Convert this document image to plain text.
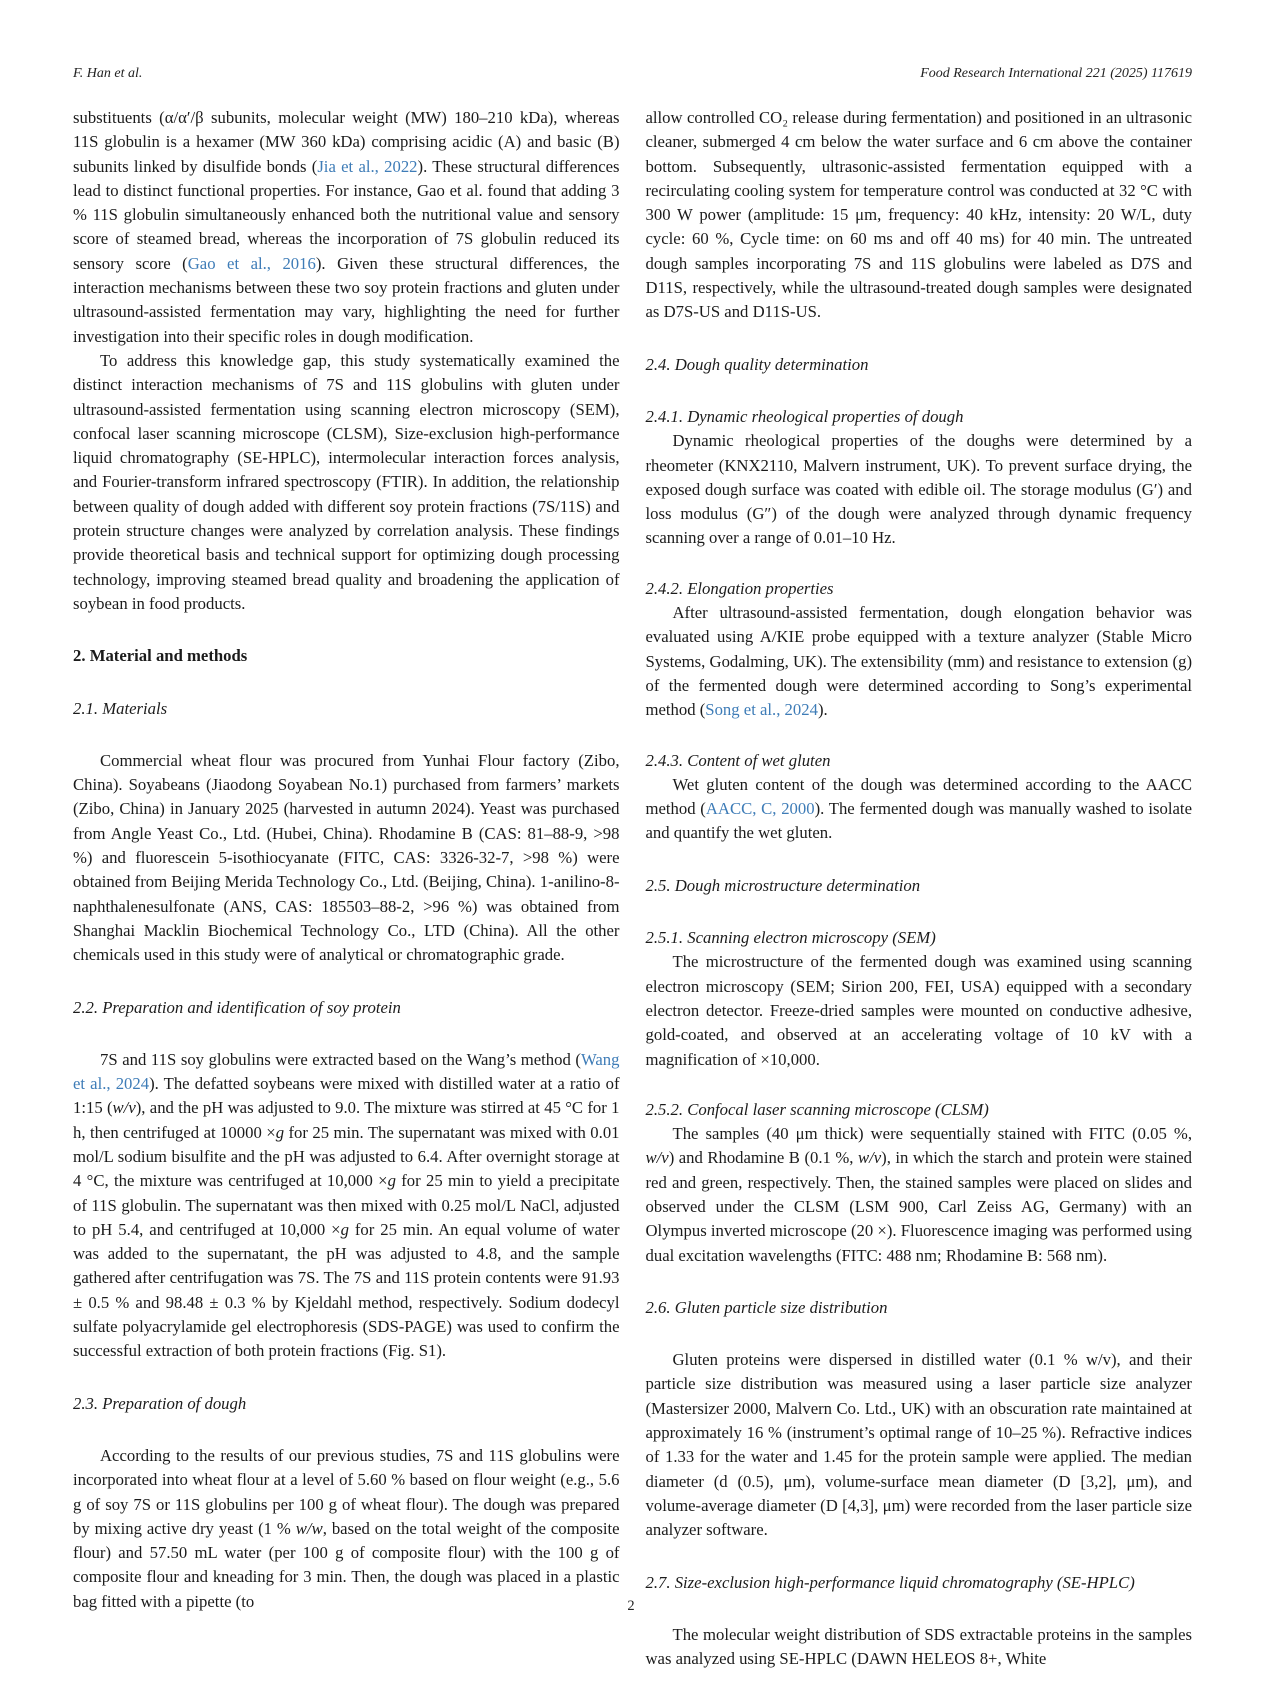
F. Han et al.	Food Research International 221 (2025) 117619

substituents (α/α′/β subunits, molecular weight (MW) 180–210 kDa), whereas 11S globulin is a hexamer (MW 360 kDa) comprising acidic (A) and basic (B) subunits linked by disulfide bonds (Jia et al., 2022). These structural differences lead to distinct functional properties. For instance, Gao et al. found that adding 3 % 11S globulin simultaneously enhanced both the nutritional value and sensory score of steamed bread, whereas the incorporation of 7S globulin reduced its sensory score (Gao et al., 2016). Given these structural differences, the interaction mechanisms between these two soy protein fractions and gluten under ultrasound-assisted fermentation may vary, highlighting the need for further investigation into their specific roles in dough modification.

To address this knowledge gap, this study systematically examined the distinct interaction mechanisms of 7S and 11S globulins with gluten under ultrasound-assisted fermentation using scanning electron microscopy (SEM), confocal laser scanning microscope (CLSM), Size-exclusion high-performance liquid chromatography (SE-HPLC), intermolecular interaction forces analysis, and Fourier-transform infrared spectroscopy (FTIR). In addition, the relationship between quality of dough added with different soy protein fractions (7S/11S) and protein structure changes were analyzed by correlation analysis. These findings provide theoretical basis and technical support for optimizing dough processing technology, improving steamed bread quality and broadening the application of soybean in food products.

2. Material and methods
2.1. Materials

Commercial wheat flour was procured from Yunhai Flour factory (Zibo, China). Soyabeans (Jiaodong Soyabean No.1) purchased from farmers’ markets (Zibo, China) in January 2025 (harvested in autumn 2024). Yeast was purchased from Angle Yeast Co., Ltd. (Hubei, China). Rhodamine B (CAS: 81–88-9, >98 %) and fluorescein 5-isothiocyanate (FITC, CAS: 3326-32-7, >98 %) were obtained from Beijing Merida Technology Co., Ltd. (Beijing, China). 1-anilino-8-naphthalenesulfonate (ANS, CAS: 185503–88-2, >96 %) was obtained from Shanghai Macklin Biochemical Technology Co., LTD (China). All the other chemicals used in this study were of analytical or chromatographic grade.

2.2. Preparation and identification of soy protein

7S and 11S soy globulins were extracted based on the Wang’s method (Wang et al., 2024). The defatted soybeans were mixed with distilled water at a ratio of 1:15 (w/v), and the pH was adjusted to 9.0. The mixture was stirred at 45 °C for 1 h, then centrifuged at 10000 ×g for 25 min. The supernatant was mixed with 0.01 mol/L sodium bisulfite and the pH was adjusted to 6.4. After overnight storage at 4 °C, the mixture was centrifuged at 10,000 ×g for 25 min to yield a precipitate of 11S globulin. The supernatant was then mixed with 0.25 mol/L NaCl, adjusted to pH 5.4, and centrifuged at 10,000 ×g for 25 min. An equal volume of water was added to the supernatant, the pH was adjusted to 4.8, and the sample gathered after centrifugation was 7S. The 7S and 11S protein contents were 91.93 ± 0.5 % and 98.48 ± 0.3 % by Kjeldahl method, respectively. Sodium dodecyl sulfate polyacrylamide gel electrophoresis (SDS-PAGE) was used to confirm the successful extraction of both protein fractions (Fig. S1).

2.3. Preparation of dough

According to the results of our previous studies, 7S and 11S globulins were incorporated into wheat flour at a level of 5.60 % based on flour weight (e.g., 5.6 g of soy 7S or 11S globulins per 100 g of wheat flour). The dough was prepared by mixing active dry yeast (1 % w/w, based on the total weight of the composite flour) and 57.50 mL water (per 100 g of composite flour) with the 100 g of composite flour and kneading for 3 min. Then, the dough was placed in a plastic bag fitted with a pipette (to

allow controlled CO₂ release during fermentation) and positioned in an ultrasonic cleaner, submerged 4 cm below the water surface and 6 cm above the container bottom. Subsequently, ultrasonic-assisted fermentation equipped with a recirculating cooling system for temperature control was conducted at 32 °C with 300 W power (amplitude: 15 μm, frequency: 40 kHz, intensity: 20 W/L, duty cycle: 60 %, Cycle time: on 60 ms and off 40 ms) for 40 min. The untreated dough samples incorporating 7S and 11S globulins were labeled as D7S and D11S, respectively, while the ultrasound-treated dough samples were designated as D7S-US and D11S-US.

2.4. Dough quality determination
2.4.1. Dynamic rheological properties of dough

Dynamic rheological properties of the doughs were determined by a rheometer (KNX2110, Malvern instrument, UK). To prevent surface drying, the exposed dough surface was coated with edible oil. The storage modulus (G′) and loss modulus (G″) of the dough were analyzed through dynamic frequency scanning over a range of 0.01–10 Hz.

2.4.2. Elongation properties

After ultrasound-assisted fermentation, dough elongation behavior was evaluated using A/KIE probe equipped with a texture analyzer (Stable Micro Systems, Godalming, UK). The extensibility (mm) and resistance to extension (g) of the fermented dough were determined according to Song’s experimental method (Song et al., 2024).

2.4.3. Content of wet gluten

Wet gluten content of the dough was determined according to the AACC method (AACC, C, 2000). The fermented dough was manually washed to isolate and quantify the wet gluten.

2.5. Dough microstructure determination
2.5.1. Scanning electron microscopy (SEM)

The microstructure of the fermented dough was examined using scanning electron microscopy (SEM; Sirion 200, FEI, USA) equipped with a secondary electron detector. Freeze-dried samples were mounted on conductive adhesive, gold-coated, and observed at an accelerating voltage of 10 kV with a magnification of ×10,000.

2.5.2. Confocal laser scanning microscope (CLSM)

The samples (40 μm thick) were sequentially stained with FITC (0.05 %, w/v) and Rhodamine B (0.1 %, w/v), in which the starch and protein were stained red and green, respectively. Then, the stained samples were placed on slides and observed under the CLSM (LSM 900, Carl Zeiss AG, Germany) with an Olympus inverted microscope (20 ×). Fluorescence imaging was performed using dual excitation wavelengths (FITC: 488 nm; Rhodamine B: 568 nm).

2.6. Gluten particle size distribution

Gluten proteins were dispersed in distilled water (0.1 % w/v), and their particle size distribution was measured using a laser particle size analyzer (Mastersizer 2000, Malvern Co. Ltd., UK) with an obscuration rate maintained at approximately 16 % (instrument’s optimal range of 10–25 %). Refractive indices of 1.33 for the water and 1.45 for the protein sample were applied. The median diameter (d (0.5), μm), volume-surface mean diameter (D [3,2], μm), and volume-average diameter (D [4,3], μm) were recorded from the laser particle size analyzer software.

2.7. Size-exclusion high-performance liquid chromatography (SE-HPLC)

The molecular weight distribution of SDS extractable proteins in the samples was analyzed using SE-HPLC (DAWN HELEOS 8+, White

2
